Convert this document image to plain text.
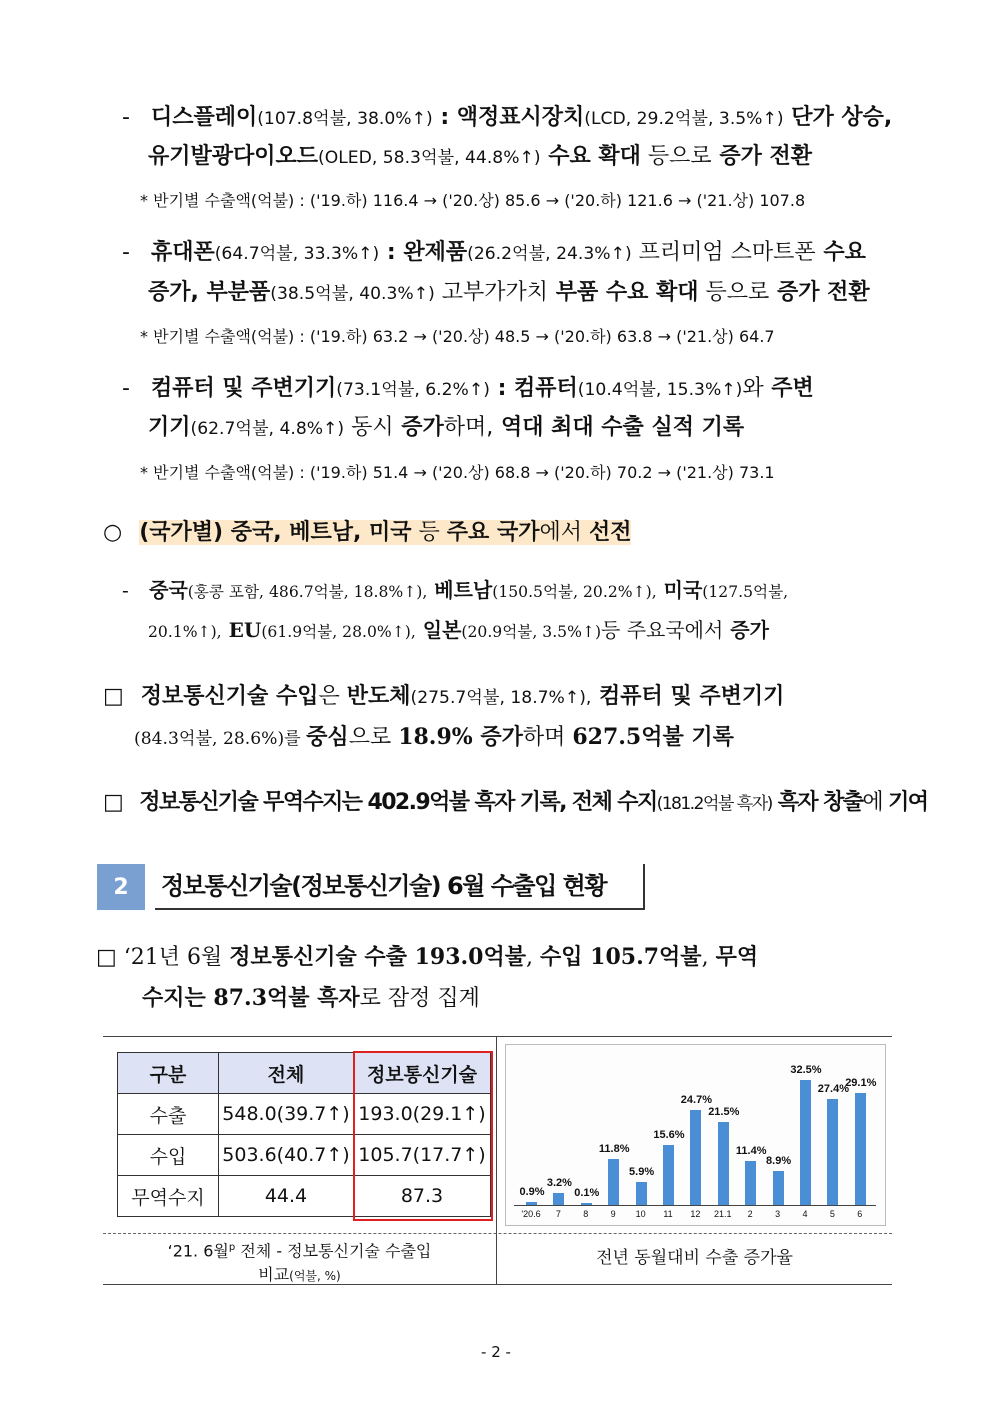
- 디스플레이(107.8억불, 38.0%↑) : 액정표시장치(LCD, 29.2억불, 3.5%↑) 단가 상승,
유기발광다이오드(OLED, 58.3억불, 44.8%↑) 수요 확대 등으로 증가 전환
* 반기별 수출액(억불) : ('19.하) 116.4 → ('20.상) 85.6 → ('20.하) 121.6 → ('21.상) 107.8
- 휴대폰(64.7억불, 33.3%↑) : 완제품(26.2억불, 24.3%↑) 프리미엄 스마트폰 수요
증가, 부분품(38.5억불, 40.3%↑) 고부가가치 부품 수요 확대 등으로 증가 전환
* 반기별 수출액(억불) : ('19.하) 63.2 → ('20.상) 48.5 → ('20.하) 63.8 → ('21.상) 64.7
- 컴퓨터 및 주변기기(73.1억불, 6.2%↑) : 컴퓨터(10.4억불, 15.3%↑)와 주변
기기(62.7억불, 4.8%↑) 동시 증가하며, 역대 최대 수출 실적 기록
* 반기별 수출액(억불) : ('19.하) 51.4 → ('20.상) 68.8 → ('20.하) 70.2 → ('21.상) 73.1
○ (국가별) 중국, 베트남, 미국 등 주요 국가에서 선전
- 중국(홍콩 포함, 486.7억불, 18.8%↑), 베트남(150.5억불, 20.2%↑), 미국(127.5억불,
20.1%↑), EU(61.9억불, 28.0%↑), 일본(20.9억불, 3.5%↑)등 주요국에서 증가
□ 정보통신기술 수입은 반도체(275.7억불, 18.7%↑), 컴퓨터 및 주변기기
(84.3억불, 28.6%)를 중심으로 18.9% 증가하며 627.5억불 기록
□ 정보통신기술 무역수지는 402.9억불 흑자 기록, 전체 수지(181.2억불 흑자) 흑자 창출에 기여
2	정보통신기술(정보통신기술) 6월 수출입 현황
□ ‘21년 6월 정보통신기술 수출 193.0억불, 수입 105.7억불, 무역
수지는 87.3억불 흑자로 잠정 집계
구분	전체	정보통신기술
수출	548.0(39.7↑)	193.0(29.1↑)
수입	503.6(40.7↑)	105.7(17.7↑)
무역수지	44.4	87.3
‘21. 6월$^p$ 전체 - 정보통신기술 수출입
비교(억불, %)
0.9%
'20.6
3.2%
7
0.1%
8
11.8%
9
5.9%
10
15.6%
11
24.7%
12
21.5%
21.1
11.4%
2
8.9%
3
32.5%
4
27.4%
5
29.1%
6
전년 동월대비 수출 증가율
- 2 -
